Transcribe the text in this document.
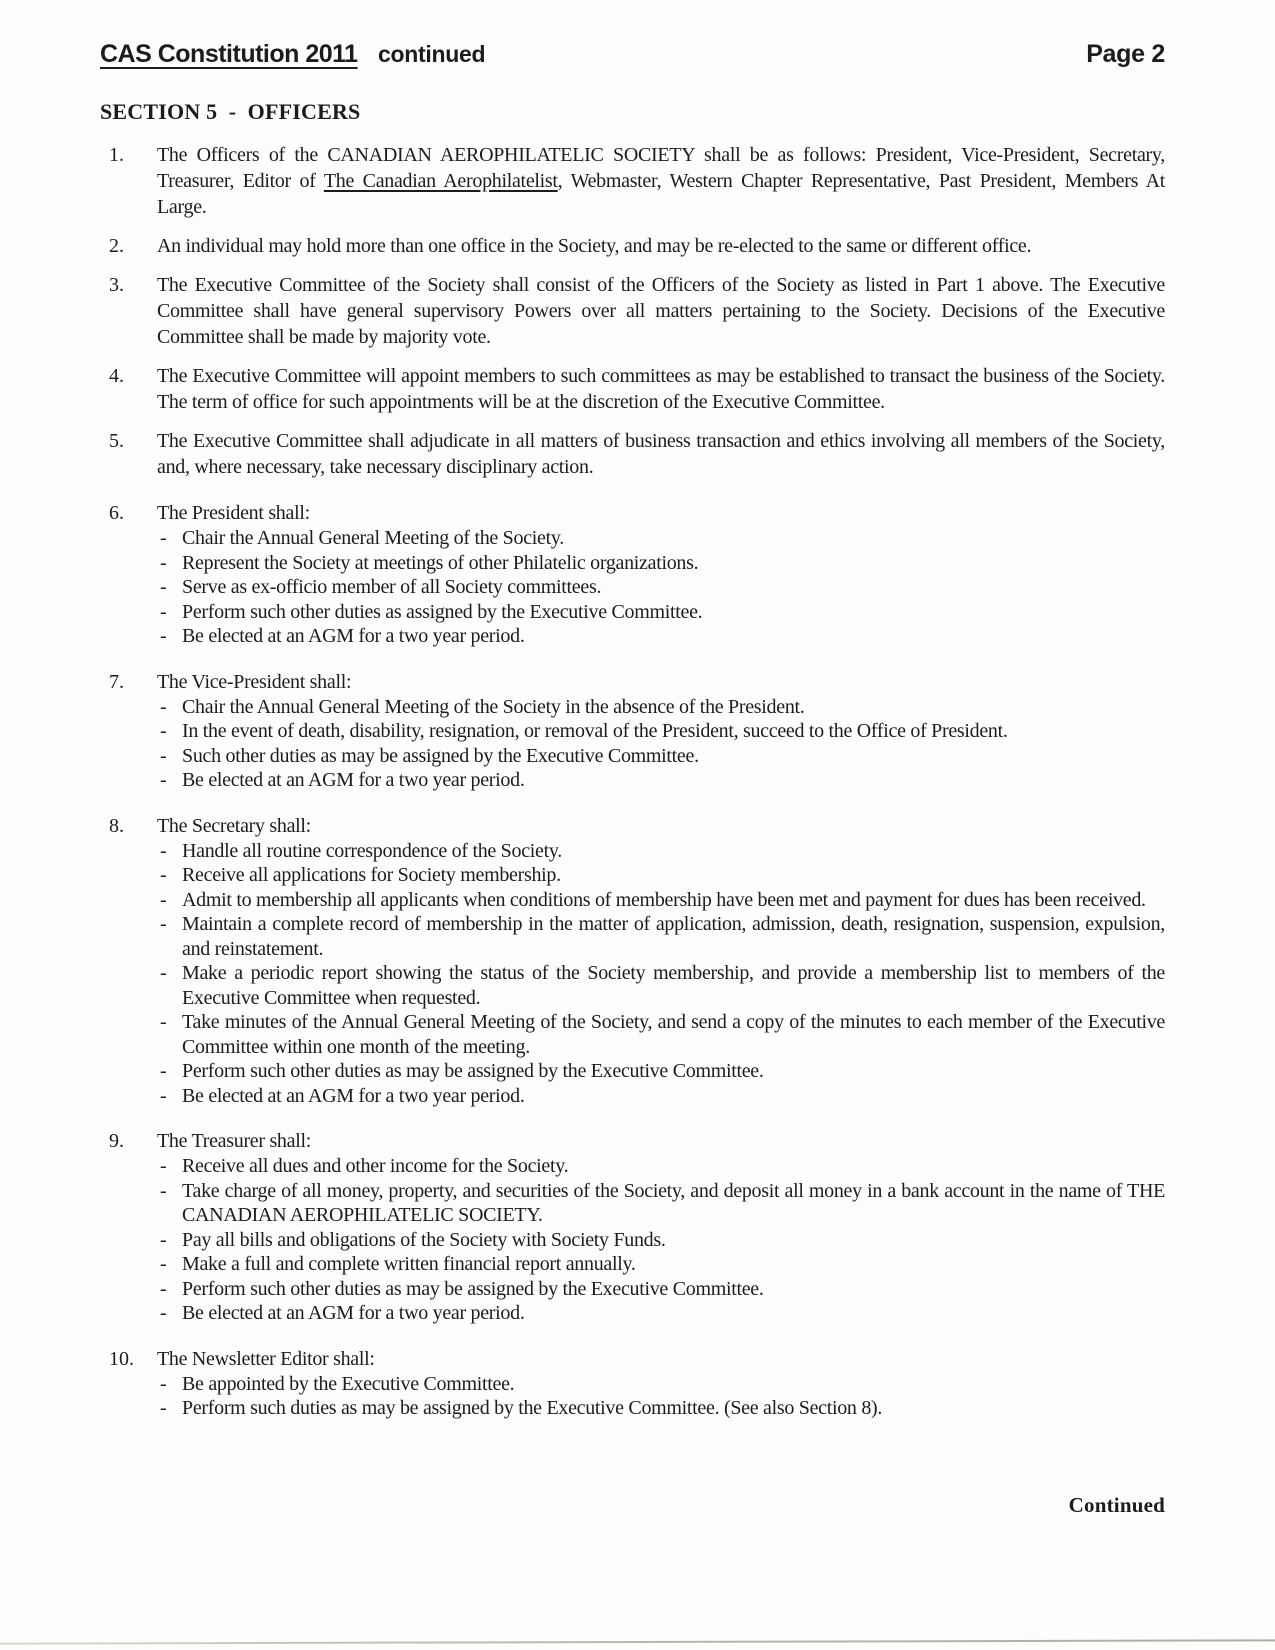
CAS Constitution 2011 continued	Page 2
SECTION 5  -  OFFICERS
1.	The Officers of the CANADIAN AEROPHILATELIC SOCIETY shall be as follows: President, Vice-President, Secretary, Treasurer, Editor of The Canadian Aerophilatelist, Webmaster, Western Chapter Representative, Past President, Members At Large.
2.	An individual may hold more than one office in the Society, and may be re-elected to the same or different office.
3.	The Executive Committee of the Society shall consist of the Officers of the Society as listed in Part 1 above. The Executive Committee shall have general supervisory Powers over all matters pertaining to the Society. Decisions of the Executive Committee shall be made by majority vote.
4.	The Executive Committee will appoint members to such committees as may be established to transact the business of the Society. The term of office for such appointments will be at the discretion of the Executive Committee.
5.	The Executive Committee shall adjudicate in all matters of business transaction and ethics involving all members of the Society, and, where necessary, take necessary disciplinary action.
6.	The President shall:
- Chair the Annual General Meeting of the Society.
- Represent the Society at meetings of other Philatelic organizations.
- Serve as ex-officio member of all Society committees.
- Perform such other duties as assigned by the Executive Committee.
- Be elected at an AGM for a two year period.
7.	The Vice-President shall:
- Chair the Annual General Meeting of the Society in the absence of the President.
- In the event of death, disability, resignation, or removal of the President, succeed to the Office of President.
- Such other duties as may be assigned by the Executive Committee.
- Be elected at an AGM for a two year period.
8.	The Secretary shall:
- Handle all routine correspondence of the Society.
- Receive all applications for Society membership.
- Admit to membership all applicants when conditions of membership have been met and payment for dues has been received.
- Maintain a complete record of membership in the matter of application, admission, death, resignation, suspension, expulsion, and reinstatement.
- Make a periodic report showing the status of the Society membership, and provide a membership list to members of the Executive Committee when requested.
- Take minutes of the Annual General Meeting of the Society, and send a copy of the minutes to each member of the Executive Committee within one month of the meeting.
- Perform such other duties as may be assigned by the Executive Committee.
- Be elected at an AGM for a two year period.
9.	The Treasurer shall:
- Receive all dues and other income for the Society.
- Take charge of all money, property, and securities of the Society, and deposit all money in a bank account in the name of THE CANADIAN AEROPHILATELIC SOCIETY.
- Pay all bills and obligations of the Society with Society Funds.
- Make a full and complete written financial report annually.
- Perform such other duties as may be assigned by the Executive Committee.
- Be elected at an AGM for a two year period.
10.	The Newsletter Editor shall:
- Be appointed by the Executive Committee.
- Perform such duties as may be assigned by the Executive Committee. (See also Section 8).
Continued
